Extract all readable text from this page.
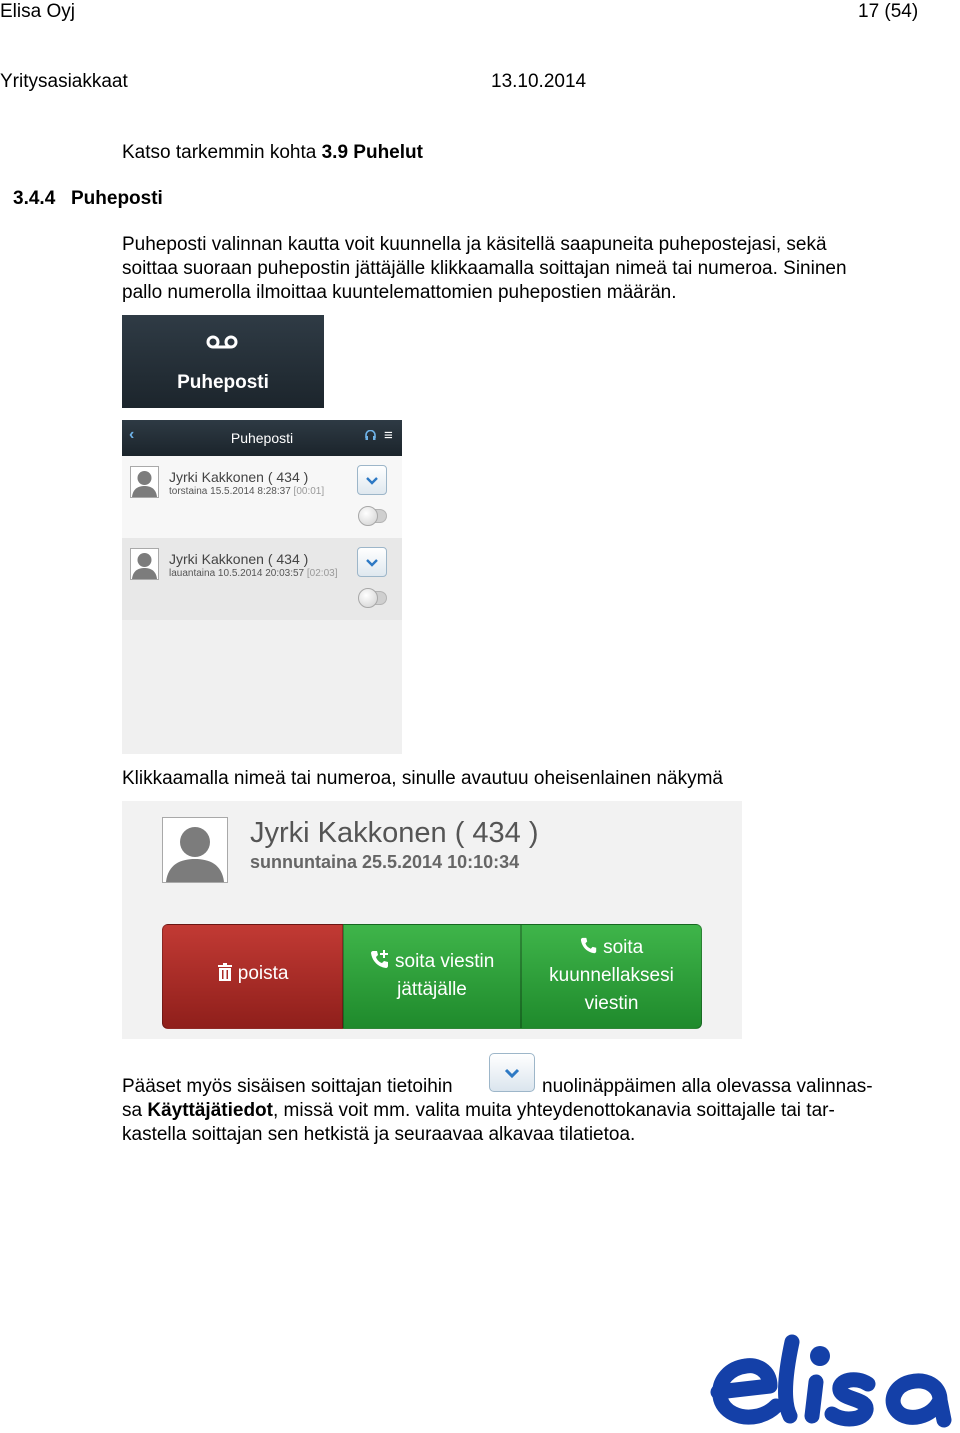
Elisa Oyj	17 (54)
Yritysasiakkaat	13.10.2014
Katso tarkemmin kohta 3.9 Puhelut
3.4.4 Puheposti
Puheposti valinnan kautta voit kuunnella ja käsitellä saapuneita puhepostejasi, sekä
soittaa suoraan puhepostin jättäjälle klikkaamalla soittajan nimeä tai numeroa. Sininen
pallo numerolla ilmoittaa kuuntelemattomien puhepostien määrän.
Puheposti
‹	Puheposti	≡
Jyrki Kakkonen ( 434 )
torstaina 15.5.2014 8:28:37 [00:01]
Jyrki Kakkonen ( 434 )
lauantaina 10.5.2014 20:03:57 [02:03]
Klikkaamalla nimeä tai numeroa, sinulle avautuu oheisenlainen näkymä
Jyrki Kakkonen ( 434 )
sunnuntaina 25.5.2014 10:10:34
poista
soita viestin
jättäjälle
soita
kuunnellaksesi
viestin
Pääset myös sisäisen soittajan tietoihin	nuolinäppäimen alla olevassa valinnas-
sa Käyttäjätiedot, missä voit mm. valita muita yhteydenottokanavia soittajalle tai tar-
kastella soittajan sen hetkistä ja seuraavaa alkavaa tilatietoa.
